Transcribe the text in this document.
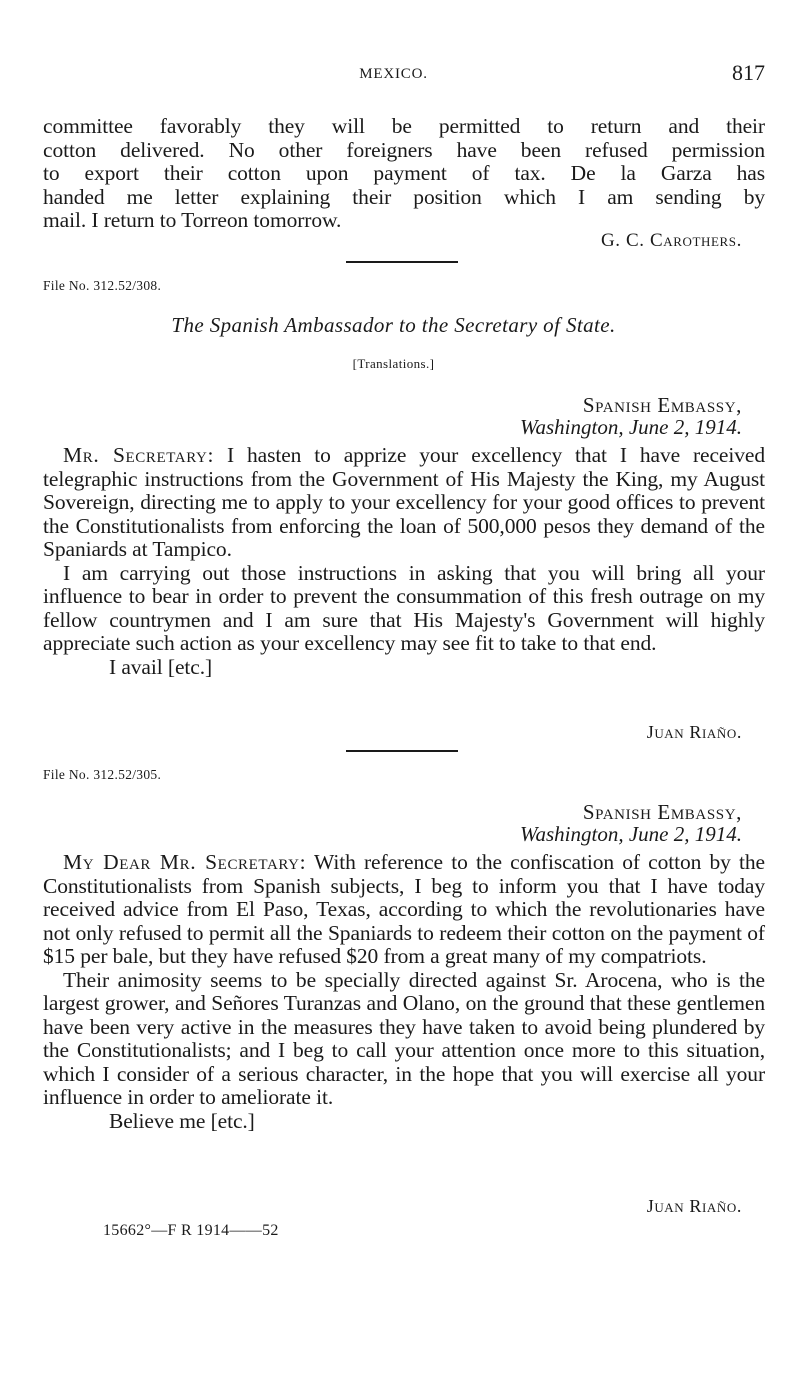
MEXICO.	817
committee favorably they will be permitted to return and their
cotton delivered. No other foreigners have been refused permission
to export their cotton upon payment of tax. De la Garza has
handed me letter explaining their position which I am sending by
mail. I return to Torreon tomorrow.
G. C. Carothers.
File No. 312.52/308.
The Spanish Ambassador to the Secretary of State.
[Translations.]
Spanish Embassy,
Washington, June 2, 1914.

Mr. Secretary: I hasten to apprize your excellency that I have received telegraphic instructions from the Government of His Majesty the King, my August Sovereign, directing me to apply to your excellency for your good offices to prevent the Constitutionalists from enforcing the loan of 500,000 pesos they demand of the Spaniards at Tampico.

I am carrying out those instructions in asking that you will bring all your influence to bear in order to prevent the consummation of this fresh outrage on my fellow countrymen and I am sure that His Majesty's Government will highly appreciate such action as your excellency may see fit to take to that end.

I avail [etc.]

Juan Riaño.
File No. 312.52/305.
Spanish Embassy,
Washington, June 2, 1914.

My Dear Mr. Secretary: With reference to the confiscation of cotton by the Constitutionalists from Spanish subjects, I beg to inform you that I have today received advice from El Paso, Texas, according to which the revolutionaries have not only refused to permit all the Spaniards to redeem their cotton on the payment of $15 per bale, but they have refused $20 from a great many of my compatriots.

Their animosity seems to be specially directed against Sr. Arocena, who is the largest grower, and Señores Turanzas and Olano, on the ground that these gentlemen have been very active in the measures they have taken to avoid being plundered by the Constitutionalists; and I beg to call your attention once more to this situation, which I consider of a serious character, in the hope that you will exercise all your influence in order to ameliorate it.

Believe me [etc.]

Juan Riaño.
15662°—F R 1914——52
